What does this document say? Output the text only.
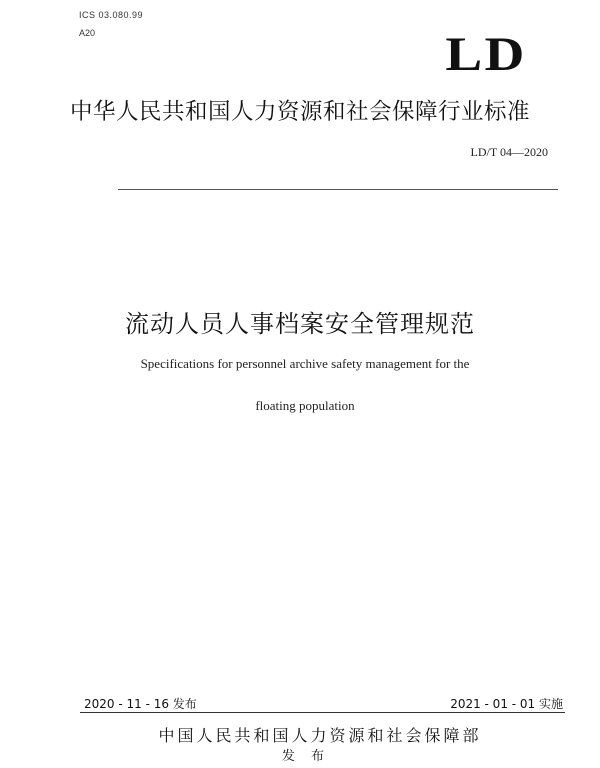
ICS 03.080.99
A20	LD
中华人民共和国人力资源和社会保障行业标准
LD/T 04—2020
流动人员人事档案安全管理规范
Specifications for personnel archive safety management for the
floating population
2020 - 11 - 16 发布	2021 - 01 - 01 实施
中国人民共和国人力资源和社会保障部
发 布
